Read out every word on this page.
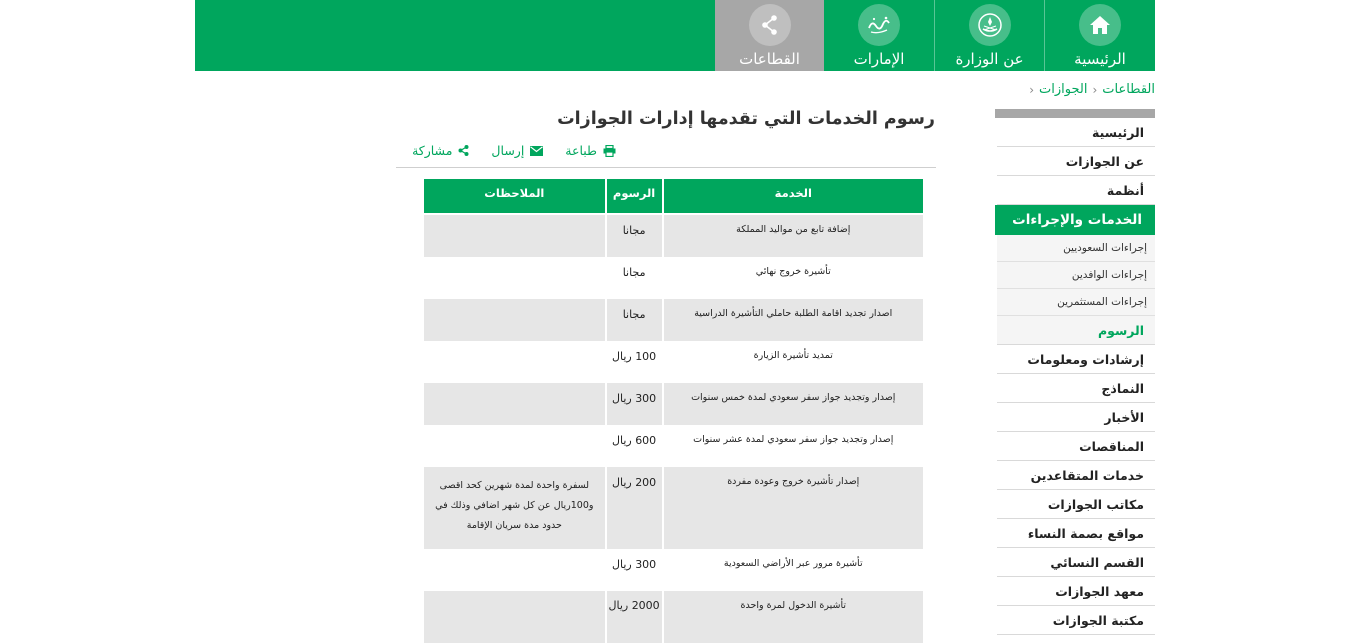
القطاعات	الإمارات	عن الوزارة	الرئيسية
القطاعات
‹
الجوازات
‹
الرئيسية
عن الجوازات
أنظمة
الخدمات والإجراءات
إجراءات السعوديين
إجراءات الوافدين
إجراءات المستثمرين
الرسوم
إرشادات ومعلومات
النماذج
الأخبار
المناقصات
خدمات المتقاعدين
مكاتب الجوازات
مواقع بصمة النساء
القسم النسائي
معهد الجوازات
مكتبة الجوازات
رسوم الخدمات التي تقدمها إدارات الجوازات
طباعة
إرسال
مشاركة
الخدمة	الرسوم	الملاحظات
إضافة تابع من مواليد المملكة	مجانا	
تأشيرة خروج نهائي	مجانا	
اصدار تجديد اقامة الطلبة حاملي التأشيرة الدراسية	مجانا	
تمديد تأشيرة الزيارة	100 ريال	
إصدار وتجديد جواز سفر سعودي لمدة خمس سنوات	300 ريال	
إصدار وتجديد جواز سفر سعودي لمدة عشر سنوات	600 ريال	
إصدار تأشيرة خروج وعودة مفردة	200 ريال	لسفرة واحدة لمدة شهرين كحد اقصى و100ريال عن كل شهر اضافي وذلك في حدود مدة سريان الإقامة

تأشيرة مرور عبر الأراضي السعودية	300 ريال	
تأشيرة الدخول لمرة واحدة	2000 ريال	
